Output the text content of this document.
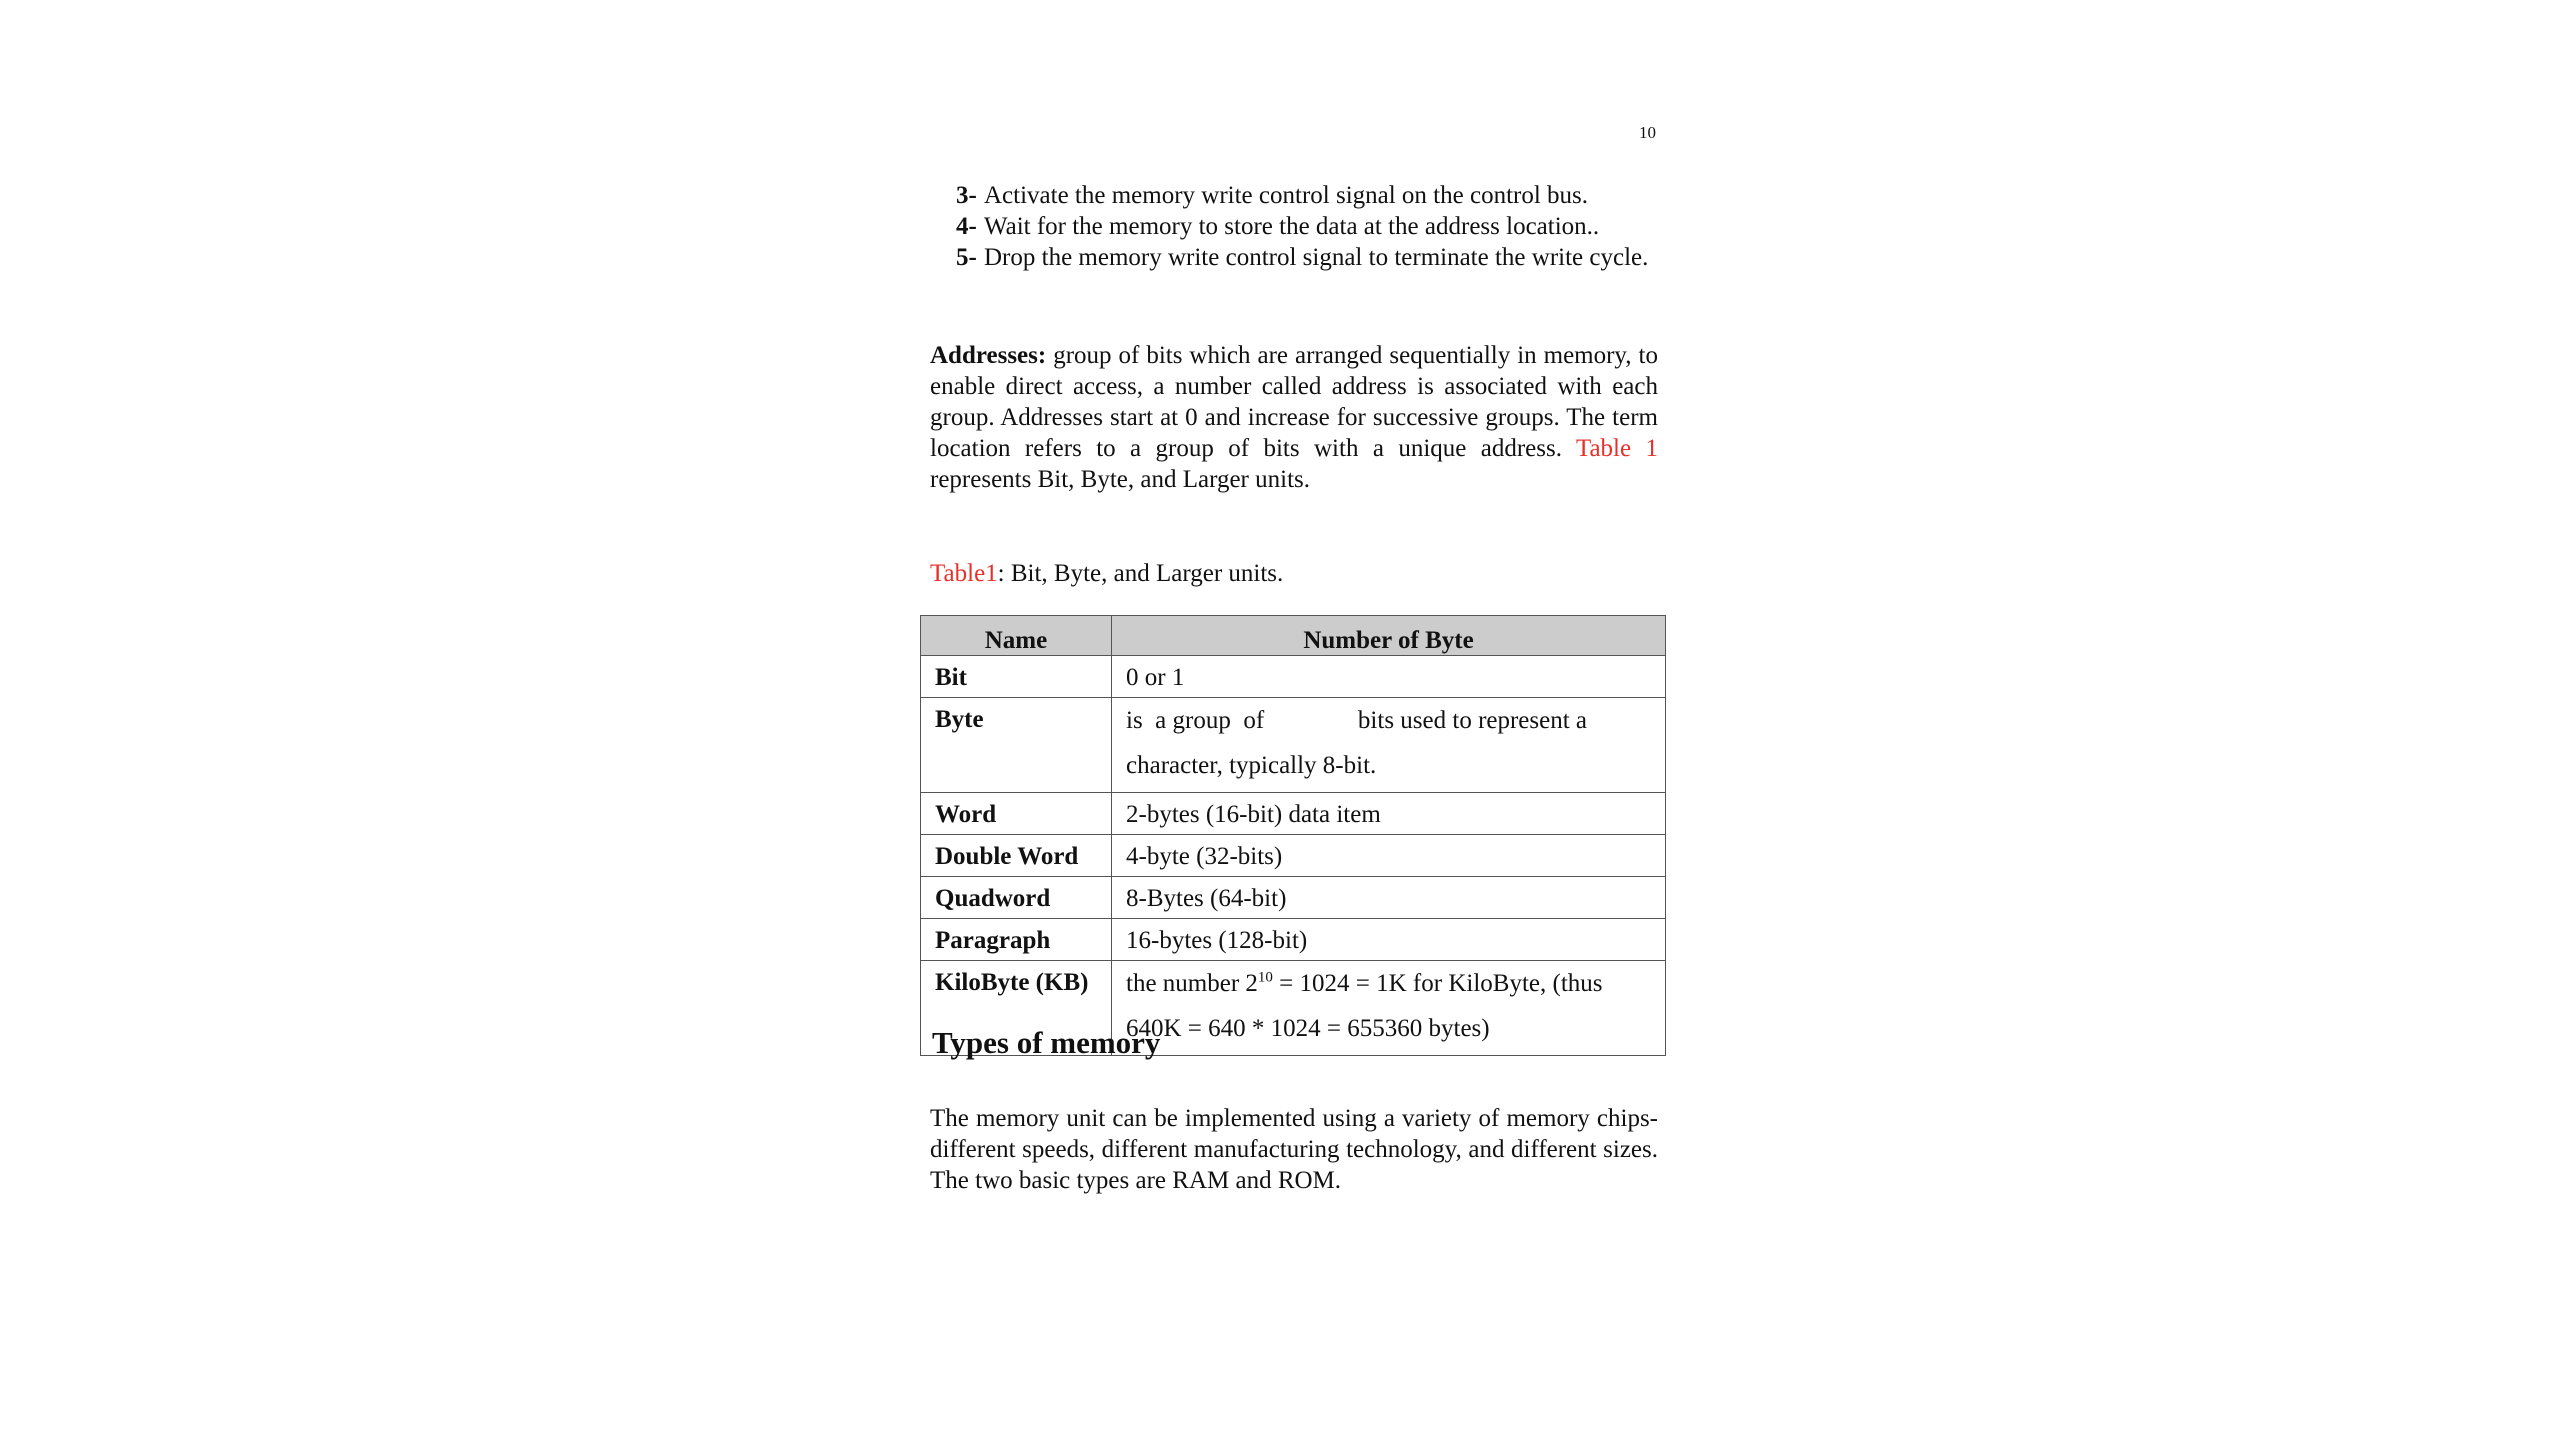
10
3- Activate the memory write control signal on the control bus.
4- Wait for the memory to store the data at the address location..
5- Drop the memory write control signal to terminate the write cycle.

Addresses: group of bits which are arranged sequentially in memory, to enable direct access, a number called address is associated with each group. Addresses start at 0 and increase for successive groups. The term location refers to a group of bits with a unique address. Table 1 represents Bit, Byte, and Larger units.

Table1: Bit, Byte, and Larger units.
Name	Number of Byte
Bit	0 or 1
Byte	is  a group  of               bits used to represent a
character, typically 8-bit.

Word	2-bytes (16-bit) data item
Double Word	4-byte (32-bits)
Quadword	8-Bytes (64-bit)
Paragraph	16-bytes (128-bit)
KiloByte (KB)	the number $2^{10} = 1024 = 1K$ for KiloByte, (thus
640K = 640 * 1024 = 655360 bytes)
Types of memory

The memory unit can be implemented using a variety of memory chips- different speeds, different manufacturing technology, and different sizes. The two basic types are RAM and ROM.
